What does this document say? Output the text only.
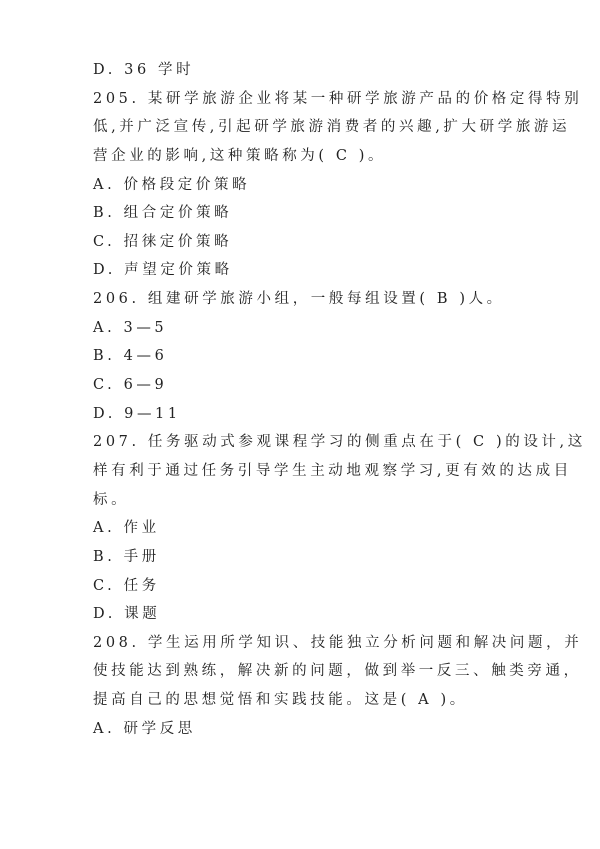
D. 36 学时
205. 某研学旅游企业将某一种研学旅游产品的价格定得特别
低,并广泛宣传,引起研学旅游消费者的兴趣,扩大研学旅游运
营企业的影响,这种策略称为( C )。
A. 价格段定价策略
B. 组合定价策略
C. 招徕定价策略
D. 声望定价策略
206. 组建研学旅游小组，一般每组设置( B )人。
A. 3—5
B. 4—6
C. 6—9
D. 9—11
207. 任务驱动式参观课程学习的侧重点在于( C )的设计,这
样有利于通过任务引导学生主动地观察学习,更有效的达成目
标。
A. 作业
B. 手册
C. 任务
D. 课题
208. 学生运用所学知识、技能独立分析问题和解决问题，并
使技能达到熟练，解决新的问题，做到举一反三、触类旁通，
提高自己的思想觉悟和实践技能。这是( A )。
A. 研学反思
